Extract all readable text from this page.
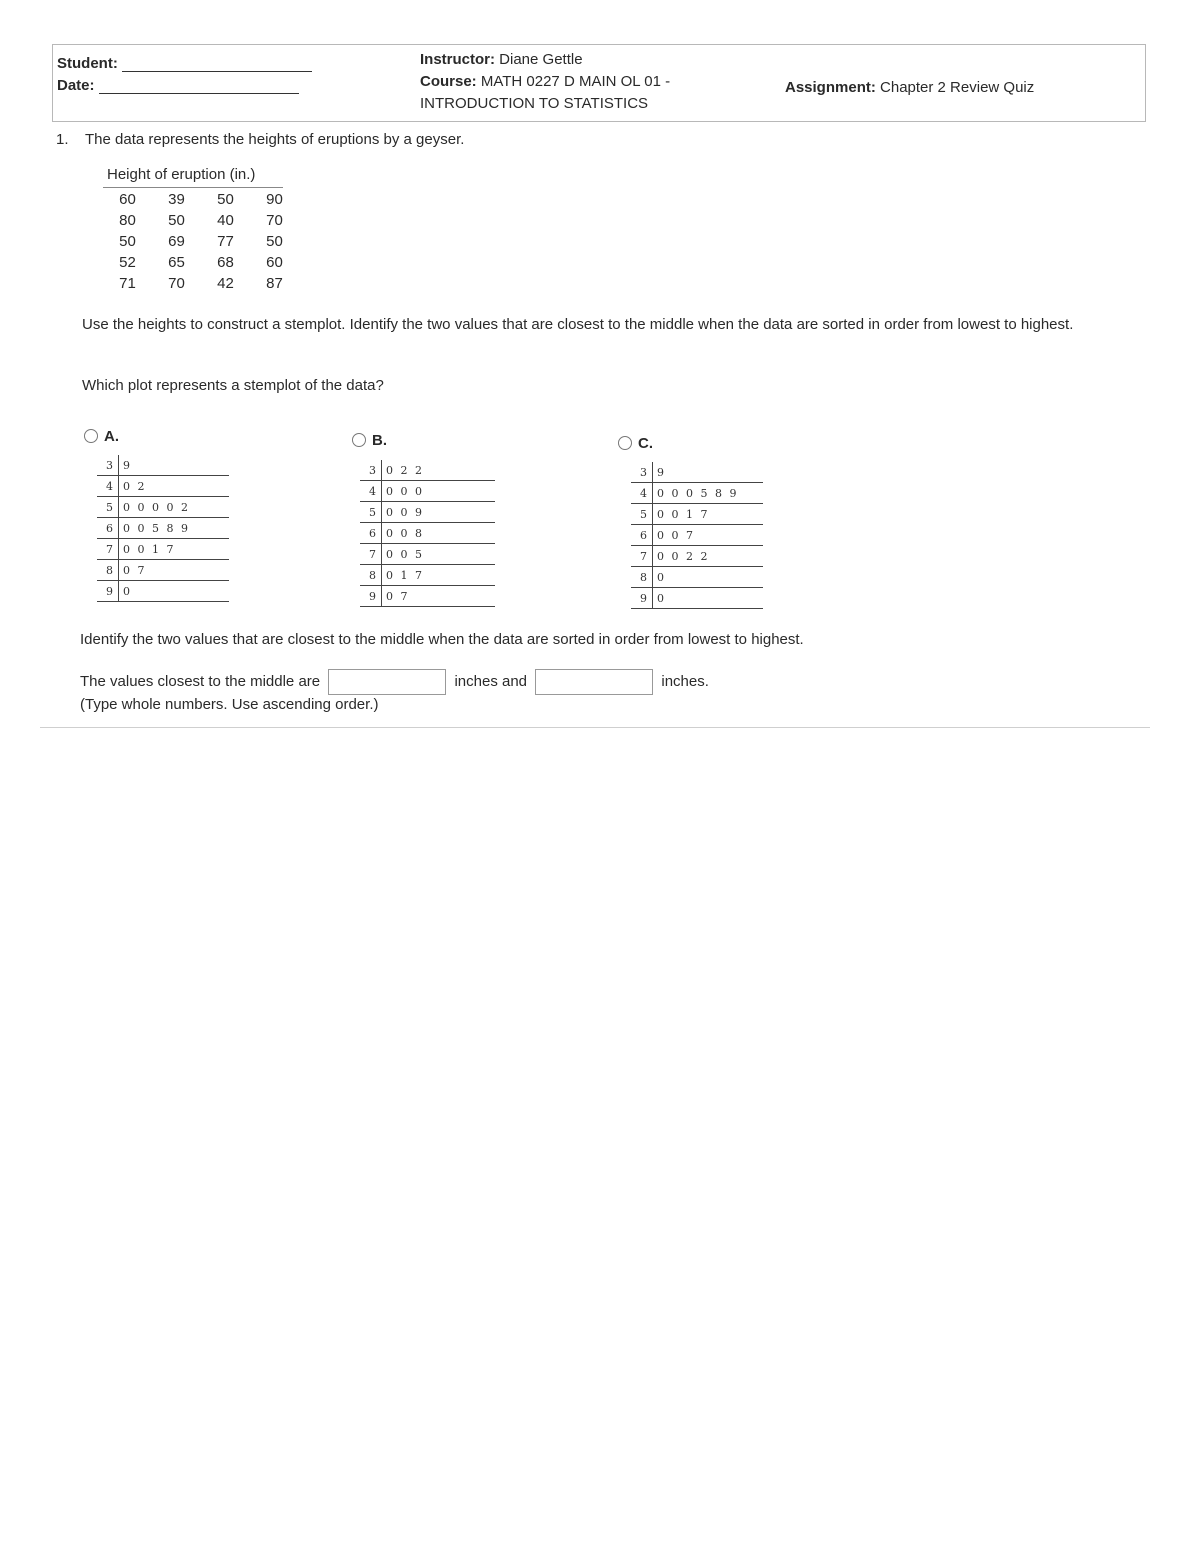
Student:
Date:
Instructor: Diane Gettle
Course: MATH 0227 D MAIN OL 01 -
INTRODUCTION TO STATISTICS
Assignment: Chapter 2 Review Quiz
1. The data represents the heights of eruptions by a geyser.
Height of eruption (in.)
60	39	50	90
80	50	40	70
50	69	77	50
52	65	68	60
71	70	42	87
Use the heights to construct a stemplot. Identify the two values that are closest to the middle when the data are sorted in order from lowest to highest.
Which plot represents a stemplot of the data?
A.	B.	C.
3 9
4 0 2
5 0 0 0 0 2
6 0 0 5 8 9
7 0 0 1 7
8 0 7
9 0
3 0 2 2
4 0 0 0
5 0 0 9
6 0 0 8
7 0 0 5
8 0 1 7
9 0 7
3 9
4 0 0 0 5 8 9
5 0 0 1 7
6 0 0 7
7 0 0 2 2
8 0
9 0
Identify the two values that are closest to the middle when the data are sorted in order from lowest to highest.
The values closest to the middle are	inches and	inches.
(Type whole numbers. Use ascending order.)
